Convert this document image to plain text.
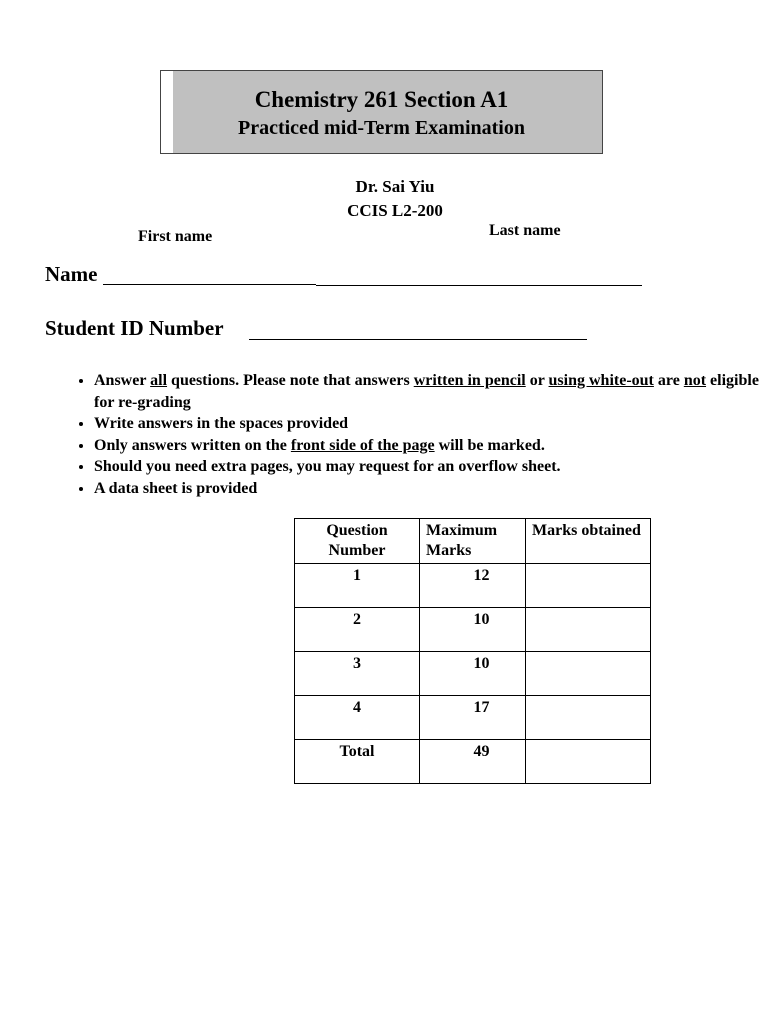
Chemistry 261 Section A1
Practiced mid-Term Examination
Dr. Sai Yiu
CCIS L2-200
First name	Last name
Name
Student ID Number
• Answer all questions. Please note that answers written in pencil or using white-out are not eligible for re-grading
• Write answers in the spaces provided
• Only answers written on the front side of the page will be marked.
• Should you need extra pages, you may request for an overflow sheet.
• A data sheet is provided
Question Number	Maximum Marks	Marks obtained
1	12	

2	10	

3	10	

4	17	

Total	49	
